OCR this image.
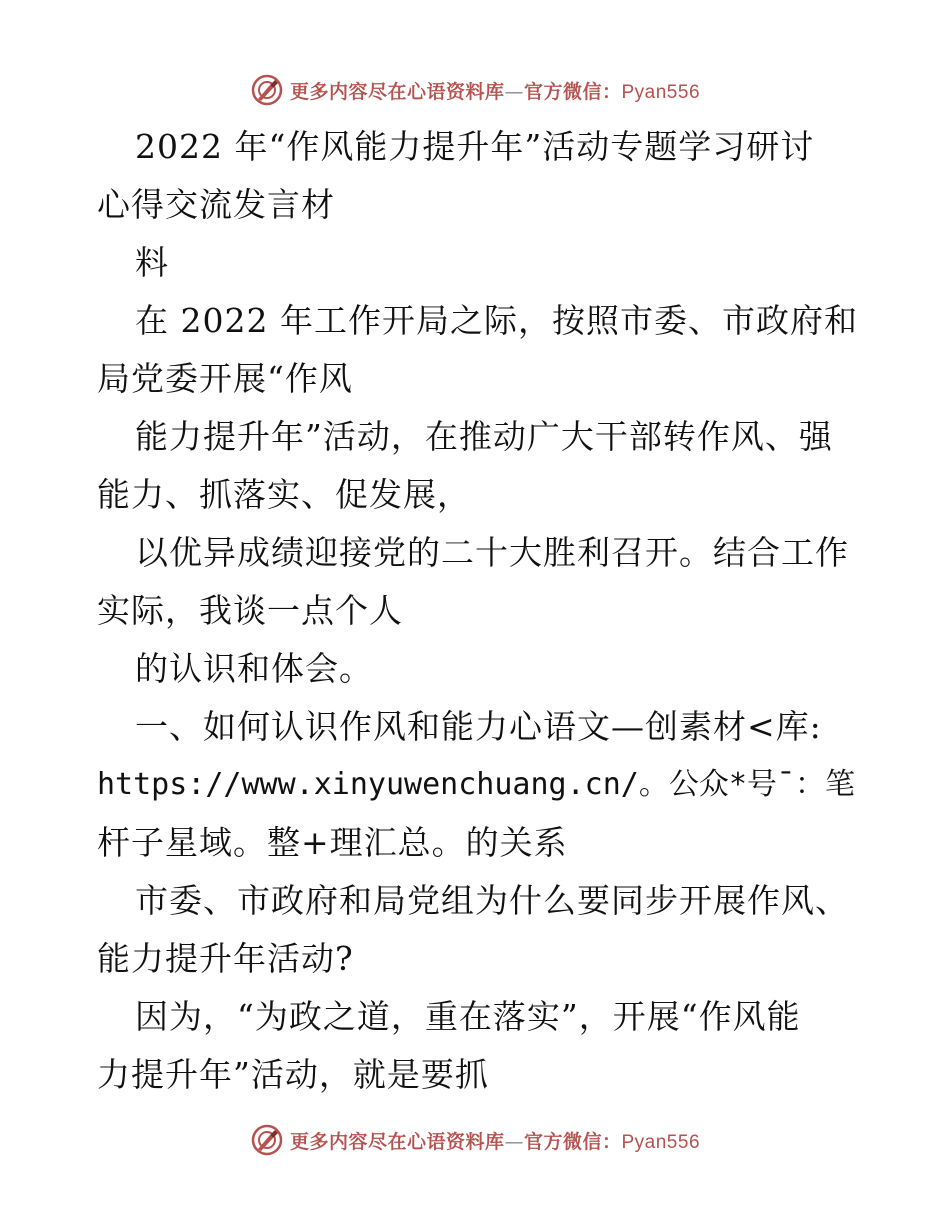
更多内容尽在心语资料库 — 官方微信： Pyan556
2022 年“作风能力提升年”活动专题学习研讨
心得交流发言材
料
在 2022 年工作开局之际，按照市委、市政府和
局党委开展“作风
能力提升年”活动，在推动广大干部转作风、强
能力、抓落实、促发展，
以优异成绩迎接党的二十大胜利召开。结合工作
实际，我谈一点个人
的认识和体会。
一、如何认识作风和能力心语文—创素材<库:
https://www.xinyuwenchuang.cn/。公众*号¯：笔
杆子星域。整+理汇总。的关系
市委、市政府和局党组为什么要同步开展作风、
能力提升年活动?
因为，“为政之道，重在落实”，开展“作风能
力提升年”活动，就是要抓
更多内容尽在心语资料库 — 官方微信： Pyan556
